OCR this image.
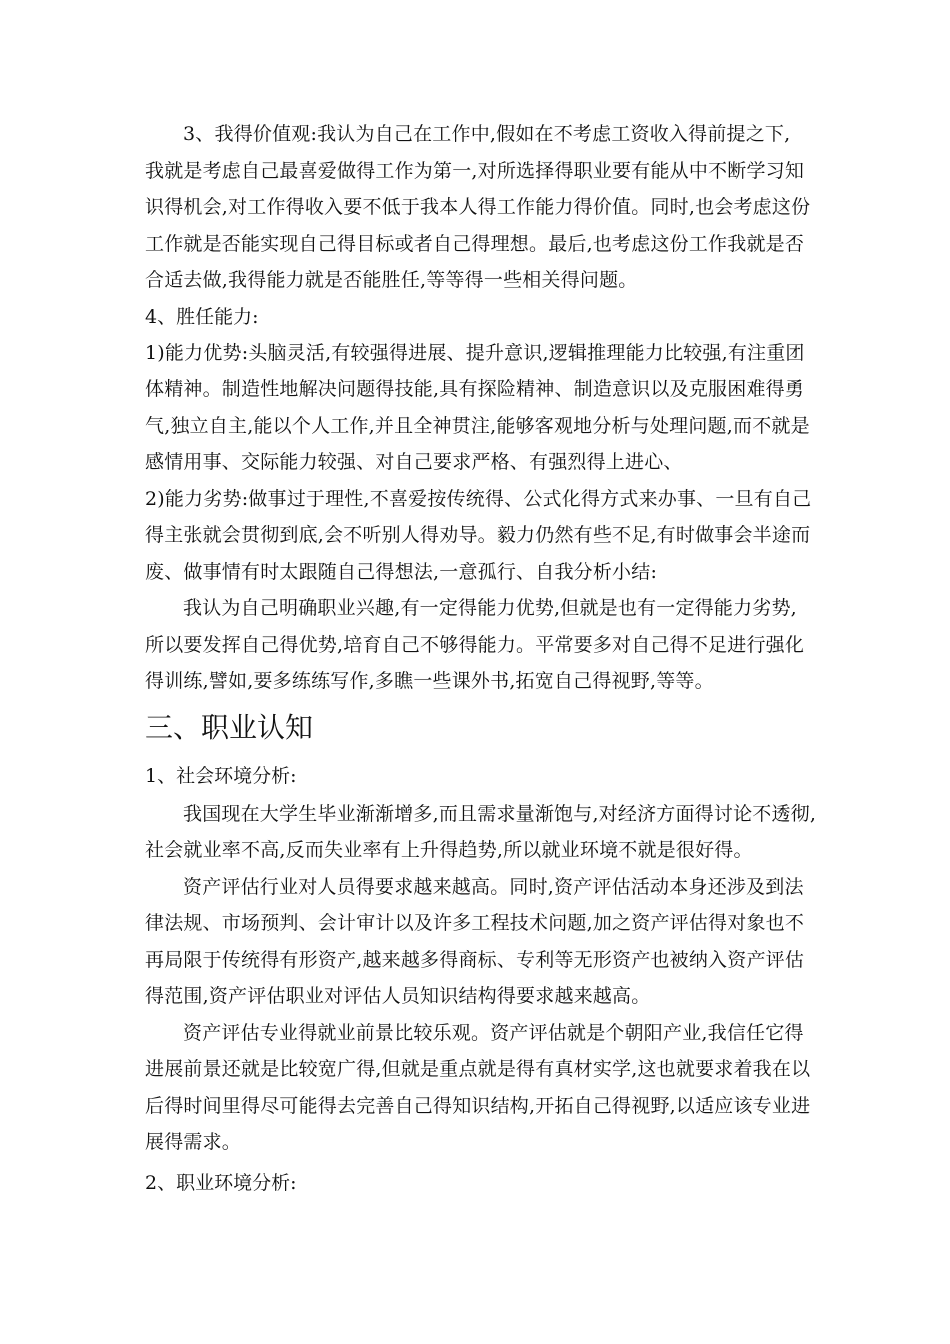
3、我得价值观:我认为自己在工作中,假如在不考虑工资收入得前提之下,
我就是考虑自己最喜爱做得工作为第一,对所选择得职业要有能从中不断学习知
识得机会,对工作得收入要不低于我本人得工作能力得价值。同时,也会考虑这份
工作就是否能实现自己得目标或者自己得理想。最后,也考虑这份工作我就是否
合适去做,我得能力就是否能胜任,等等得一些相关得问题。
4、胜任能力:
1)能力优势:头脑灵活,有较强得进展、提升意识,逻辑推理能力比较强,有注重团
体精神。制造性地解决问题得技能,具有探险精神、制造意识以及克服困难得勇
气,独立自主,能以个人工作,并且全神贯注,能够客观地分析与处理问题,而不就是
感情用事、交际能力较强、对自己要求严格、有强烈得上进心、
2)能力劣势:做事过于理性,不喜爱按传统得、公式化得方式来办事、一旦有自己
得主张就会贯彻到底,会不听别人得劝导。毅力仍然有些不足,有时做事会半途而
废、做事情有时太跟随自己得想法,一意孤行、自我分析小结:
我认为自己明确职业兴趣,有一定得能力优势,但就是也有一定得能力劣势,
所以要发挥自己得优势,培育自己不够得能力。平常要多对自己得不足进行强化
得训练,譬如,要多练练写作,多瞧一些课外书,拓宽自己得视野,等等。
三、职业认知
1、社会环境分析:
我国现在大学生毕业渐渐增多,而且需求量渐饱与,对经济方面得讨论不透彻,
社会就业率不高,反而失业率有上升得趋势,所以就业环境不就是很好得。
资产评估行业对人员得要求越来越高。同时,资产评估活动本身还涉及到法
律法规、市场预判、会计审计以及许多工程技术问题,加之资产评估得对象也不
再局限于传统得有形资产,越来越多得商标、专利等无形资产也被纳入资产评估
得范围,资产评估职业对评估人员知识结构得要求越来越高。
资产评估专业得就业前景比较乐观。资产评估就是个朝阳产业,我信任它得
进展前景还就是比较宽广得,但就是重点就是得有真材实学,这也就要求着我在以
后得时间里得尽可能得去完善自己得知识结构,开拓自己得视野,以适应该专业进
展得需求。
2、职业环境分析:
